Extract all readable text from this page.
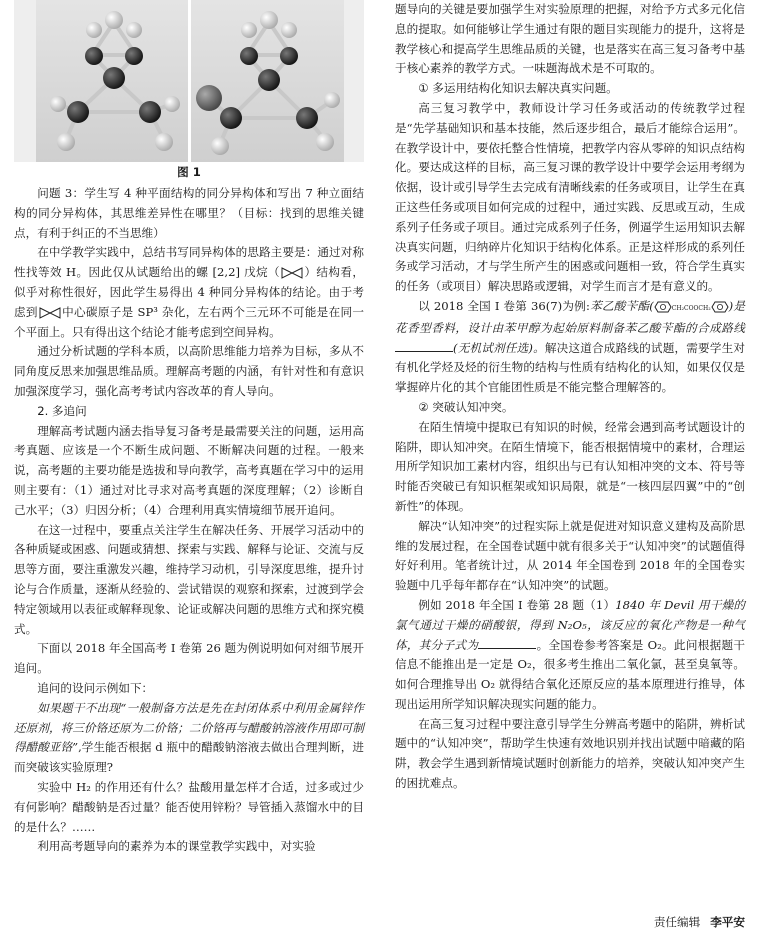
图 1

问题 3：学生写 4 种平面结构的同分异构体和写出 7 种立面结构的同分异构体，其思维差异性在哪里？（目标：找到的思维关键点，有利于纠正的不当思维）

在中学教学实践中，总结书写同异构体的思路主要是：通过对称性找等效 H。因此仅从试题给出的螺 [2,2] 戊烷（ ）结构看，似乎对称性很好，因此学生易得出 4 种同分异构体的结论。由于考虑到 中心碳原子是 SP³ 杂化，左右两个三元环不可能是在同一个平面上。只有得出这个结论才能考虑到空间异构。

通过分析试题的学科本质，以高阶思维能力培养为目标，多从不同角度反思来加强思维品质。理解高考题的内涵，有针对性和有意识加强深度学习，强化高考考试内容改革的育人导向。

2. 多追问

理解高考试题内涵去指导复习备考是最需要关注的问题，运用高考真题、应该是一个不断生成问题、不断解决问题的过程。一般来说，高考题的主要功能是选拔和导向教学，高考真题在学习中的运用则主要有：（1）通过对比寻求对高考真题的深度理解；（2）诊断自己水平；（3）归因分析；（4）合理利用真实情境细节展开追问。

在这一过程中，要重点关注学生在解决任务、开展学习活动中的各种质疑或困惑、问题或猜想、探索与实践、解释与论证、交流与反思等方面，要注重激发兴趣，维持学习动机，引导深度思维，提升讨论与合作质量，逐渐从经验的、尝试错误的观察和探索，过渡到学会特定领域用以表征或解释现象、论证或解决问题的思维方式和探究模式。

下面以 2018 年全国高考 I 卷第 26 题为例说明如何对细节展开追问。

追问的设问示例如下：

如果题干不出现“一般制备方法是先在封闭体系中利用金属锌作还原剂，将三价铬还原为二价铬；二价铬再与醋酸钠溶液作用即可制得醋酸亚铬”,学生能否根据 d 瓶中的醋酸钠溶液去做出合理判断，进而突破该实验原理?

实验中 H₂ 的作用还有什么？盐酸用量怎样才合适，过多或过少有何影响？醋酸钠是否过量？能否使用锌粉？导管插入蒸馏水中的目的是什么？……

利用高考题导向的素养为本的课堂教学实践中，对实验

题导向的关键是要加强学生对实验原理的把握，对给予方式多元化信息的提取。如何能够让学生通过有限的题目实现能力的提升，这将是教学核心和提高学生思维品质的关键，也是落实在高三复习备考中基于核心素养的教学方式。一味题海战术是不可取的。

① 多运用结构化知识去解决真实问题。

高三复习教学中，教师设计学习任务或活动的传统教学过程是“先学基础知识和基本技能，然后逐步组合，最后才能综合运用”。在教学设计中，要依托整合性情境，把教学内容从零碎的知识点结构化。要达成这样的目标，高三复习课的教学设计中要学会运用考纲为依据，设计或引导学生去完成有清晰线索的任务或项目，让学生在真正这些任务或项目如何完成的过程中，通过实践、反思或互动，生成系列子任务或子项目。通过完成系列子任务，例逼学生运用知识去解决真实问题，归纳碎片化知识于结构化体系。正是这样形成的系列任务或学习活动，才与学生所产生的困惑或问题相一致，符合学生真实的任务（或项目）解决思路或逻辑，对学生而言才是有意义的。

以 2018 全国 I 卷第 36(7)为例:苯乙酸苄酯(	CH₂COOCH₂ )是花香型香料，设计由苯甲醇为起始原料制备苯乙酸苄酯的合成路线(无机试剂任选)。解决这道合成路线的试题，需要学生对有机化学烃及烃的衍生物的结构与性质有结构化的认知，如果仅仅是掌握碎片化的其个官能团性质是不能完整合理解答的。

② 突破认知冲突。

在陌生情境中提取已有知识的时候，经常会遇到高考试题设计的陷阱，即认知冲突。在陌生情境下，能否根据情境中的素材，合理运用所学知识加工素材内容，组织出与已有认知相冲突的文本、符号等时能否突破已有知识框架或知识局限，就是“一核四层四翼”中的“创新性”的体现。

解决“认知冲突”的过程实际上就是促进对知识意义建构及高阶思维的发展过程，在全国卷试题中就有很多关于“认知冲突”的试题值得好好利用。笔者统计过，从 2014 年全国卷到 2018 年的全国卷实验题中几乎每年都存在“认知冲突”的试题。

例如 2018 年全国 I 卷第 28 题（1）1840 年 Devil 用干燥的氯气通过干燥的硝酸银，得到 N₂O₅，该反应的氧化产物是一种气体，其分子式为	。全国卷参考答案是 O₂。此问根据题干信息不能推出是一定是 O₂，很多考生推出二氧化氯，甚至臭氧等。如何合理推导出 O₂ 就得结合氧化还原反应的基本原理进行推导，体现出运用所学知识解决现实问题的能力。

在高三复习过程中要注意引导学生分辨高考题中的陷阱，辨析试题中的“认知冲突”，帮助学生快速有效地识别并找出试题中暗藏的陷阱，教会学生遇到新情境试题时创新能力的培养，突破认知冲突产生的困扰难点。

责任编辑 李平安
